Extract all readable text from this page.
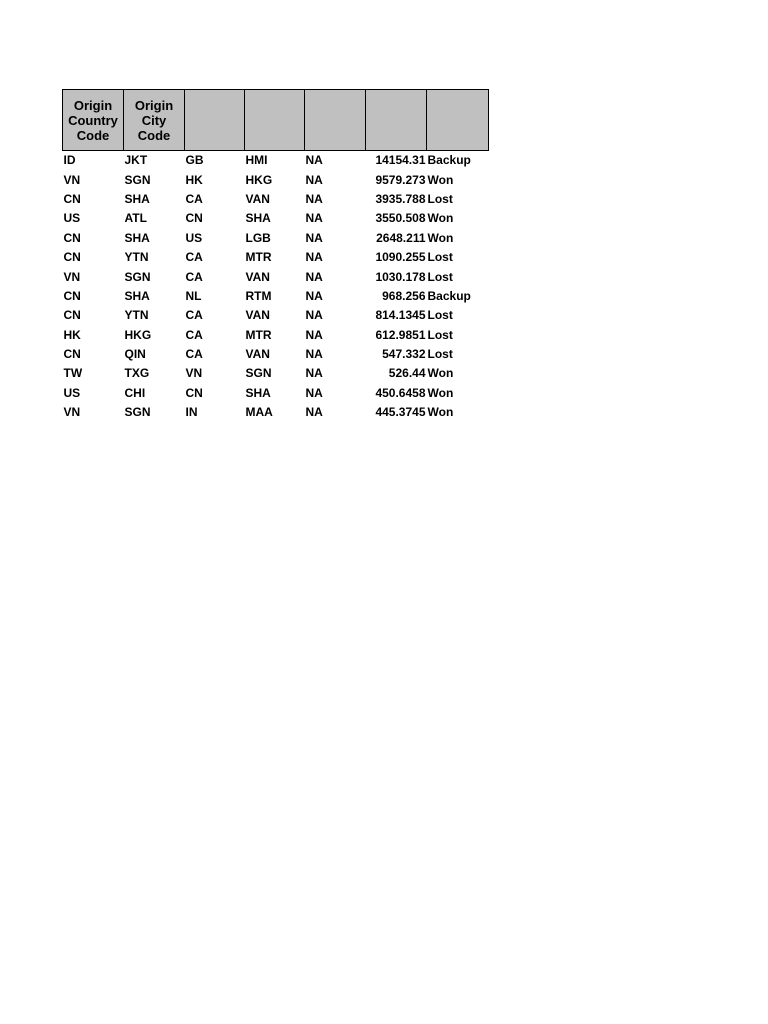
Origin Country Code	Origin City Code					
ID	JKT	GB	HMI	NA	14154.31	Backup
VN	SGN	HK	HKG	NA	9579.273	Won
CN	SHA	CA	VAN	NA	3935.788	Lost
US	ATL	CN	SHA	NA	3550.508	Won
CN	SHA	US	LGB	NA	2648.211	Won
CN	YTN	CA	MTR	NA	1090.255	Lost
VN	SGN	CA	VAN	NA	1030.178	Lost
CN	SHA	NL	RTM	NA	968.256	Backup
CN	YTN	CA	VAN	NA	814.1345	Lost
HK	HKG	CA	MTR	NA	612.9851	Lost
CN	QIN	CA	VAN	NA	547.332	Lost
TW	TXG	VN	SGN	NA	526.44	Won
US	CHI	CN	SHA	NA	450.6458	Won
VN	SGN	IN	MAA	NA	445.3745	Won
